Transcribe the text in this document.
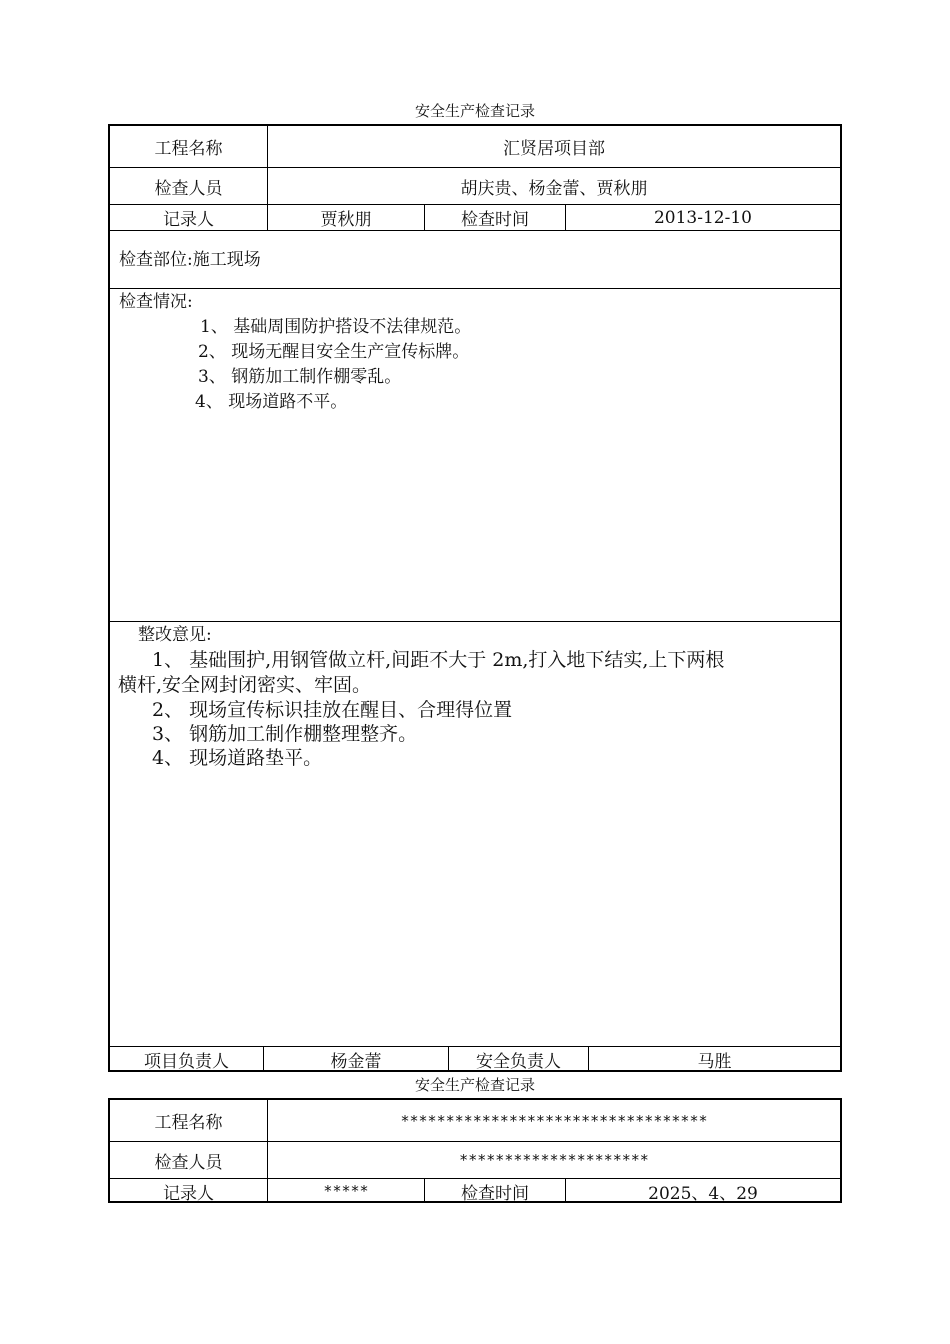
安全生产检查记录
工程名称	汇贤居项目部
检查人员	胡庆贵、杨金蕾、贾秋朋
记录人	贾秋朋	检查时间	2013-12-10
检查部位:施工现场
检查情况:
1、 基础周围防护搭设不法律规范。
2、 现场无醒目安全生产宣传标牌。
3、 钢筋加工制作棚零乱。
4、 现场道路不平。
整改意见:
1、 基础围护,用钢管做立杆,间距不大于 2m,打入地下结实,上下两根
横杆,安全网封闭密实、牢固。
2、 现场宣传标识挂放在醒目、合理得位置
3、 钢筋加工制作棚整理整齐。
4、 现场道路垫平。
项目负责人	杨金蕾	安全负责人	马胜
安全生产检查记录
工程名称	**********************************
检查人员	*********************
记录人	*****	检查时间	2025、4、29
